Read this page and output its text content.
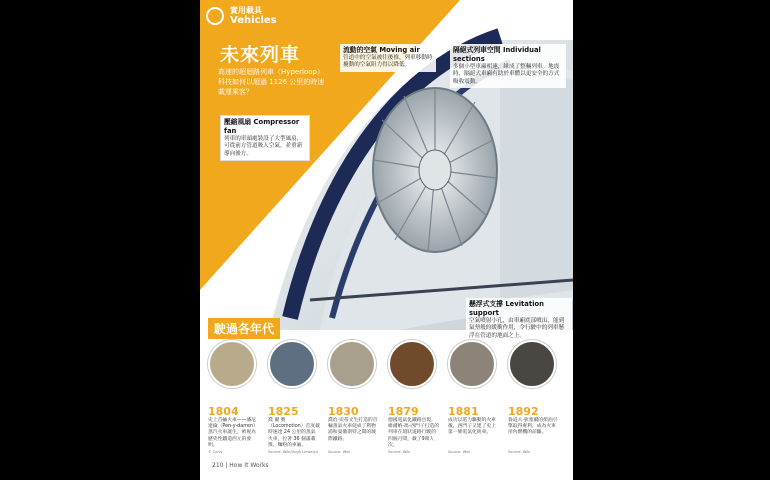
實用載具
Vehicles
未來列車
高速的超迴路列車（Hyperloop）科技如何以超過 1126 公里的時速載運乘客？
流動的空氣 Moving air
管道中的空氣被往後推，列車移動時擾動的空氣阻力得以降低。
隔絕式列車空間 Individual sections
多個小型車廂相連，組成了整輛列車。地震時，隔絕式車廂有助於車體以更安全的方式吸收震動。
壓縮風扇 Compressor fan
列車的車頭處裝設了大型風扇，可從前方管道吸入空氣，並重新導向後方。
懸浮式支撐 Levitation support
空氣噴射小孔，由車廂底部噴出，能到氣墊般的緩衝作用，令行駛中的列車懸浮在管道的地面之上。
駛過各年代
1804	1825	1830	1879	1881	1892
史上首輛火車——潘尼達倫（Pen-y-darren）蒸汽火車誕生，被視為歷史性鐵道西元的發明。
喬 爾 號（Locomotion）首度載時速達 24 公里的蒸氣火車，拉著 36 個滿載煤、麵粉的車廂。
喬治·史蒂文生打造的首輛蒸氣火車促成了利物浦和曼徹斯特之間的城際鐵路。
德國電氣化鐵路出現，維爾納·馮·西門子打造的列車在環狀道路行駛的四個月間，載了9萬人次。
成功以電力驅動的火車後，西門子又建了史上第一條電氣化街車。
魯道夫·狄塞爾的柴油引擎取得專利，成為火車用內燃機的前驅。
© Corry	Source: Wiki/Hugh Llewelyn	Source: Wiki	Source: Wiki	Source: Wiki	Source: Wiki
210 | How It Works
